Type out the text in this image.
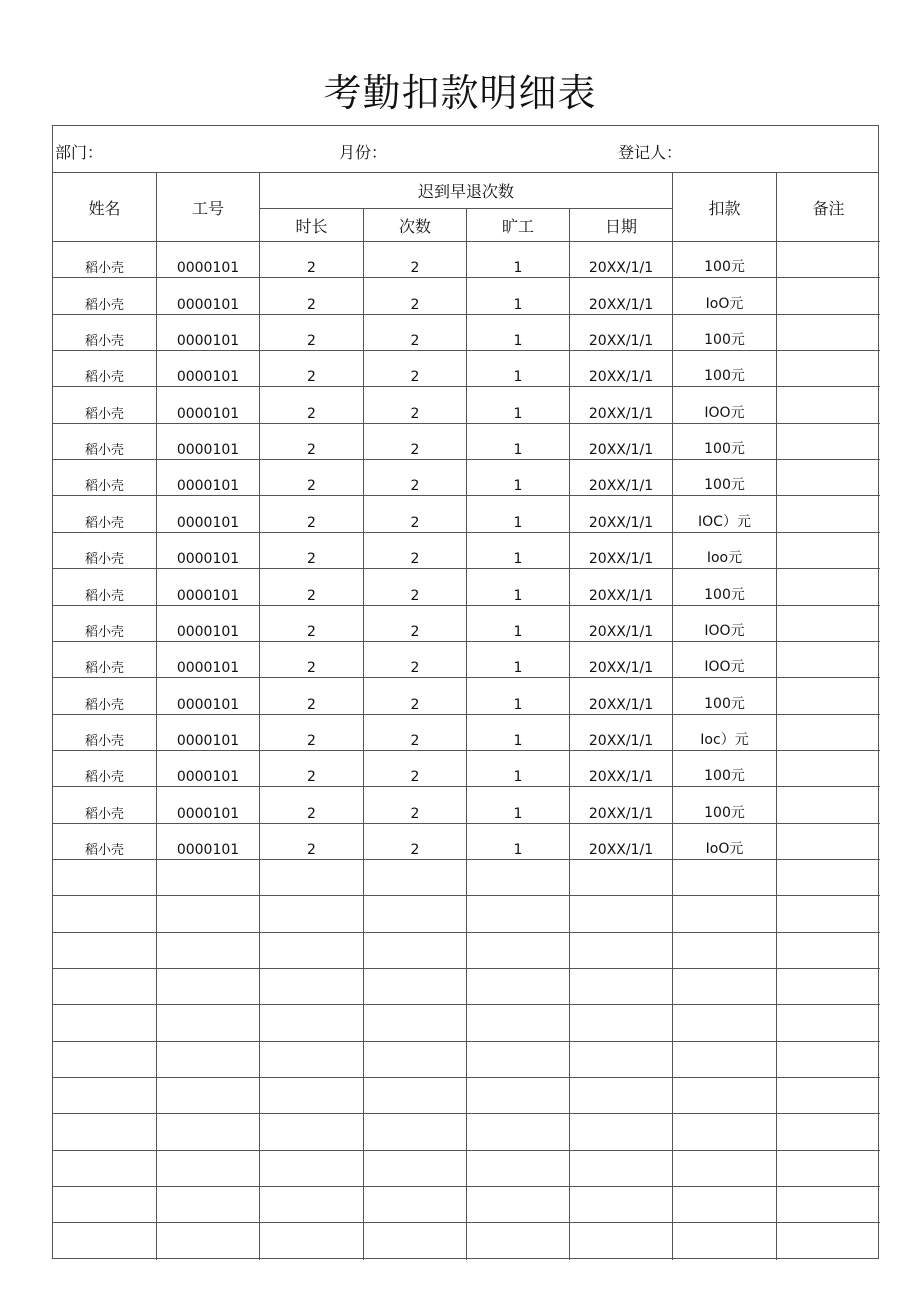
考勤扣款明细表
部门：	月份：	登记人：
姓名	工号
迟到早退次数
时长	次数	旷工	日期
扣款	备注
稻小壳	0000101	2	2	1	20XX/1/1	100元
稻小壳	0000101	2	2	1	20XX/1/1	IoO元
稻小壳	0000101	2	2	1	20XX/1/1	100元
稻小壳	0000101	2	2	1	20XX/1/1	100元
稻小壳	0000101	2	2	1	20XX/1/1	IOO元
稻小壳	0000101	2	2	1	20XX/1/1	100元
稻小壳	0000101	2	2	1	20XX/1/1	100元
稻小壳	0000101	2	2	1	20XX/1/1	IOC）元
稻小壳	0000101	2	2	1	20XX/1/1	Ioo元
稻小壳	0000101	2	2	1	20XX/1/1	100元
稻小壳	0000101	2	2	1	20XX/1/1	IOO元
稻小壳	0000101	2	2	1	20XX/1/1	IOO元
稻小壳	0000101	2	2	1	20XX/1/1	100元
稻小壳	0000101	2	2	1	20XX/1/1	Ioc）元
稻小壳	0000101	2	2	1	20XX/1/1	100元
稻小壳	0000101	2	2	1	20XX/1/1	100元
稻小壳	0000101	2	2	1	20XX/1/1	IoO元
